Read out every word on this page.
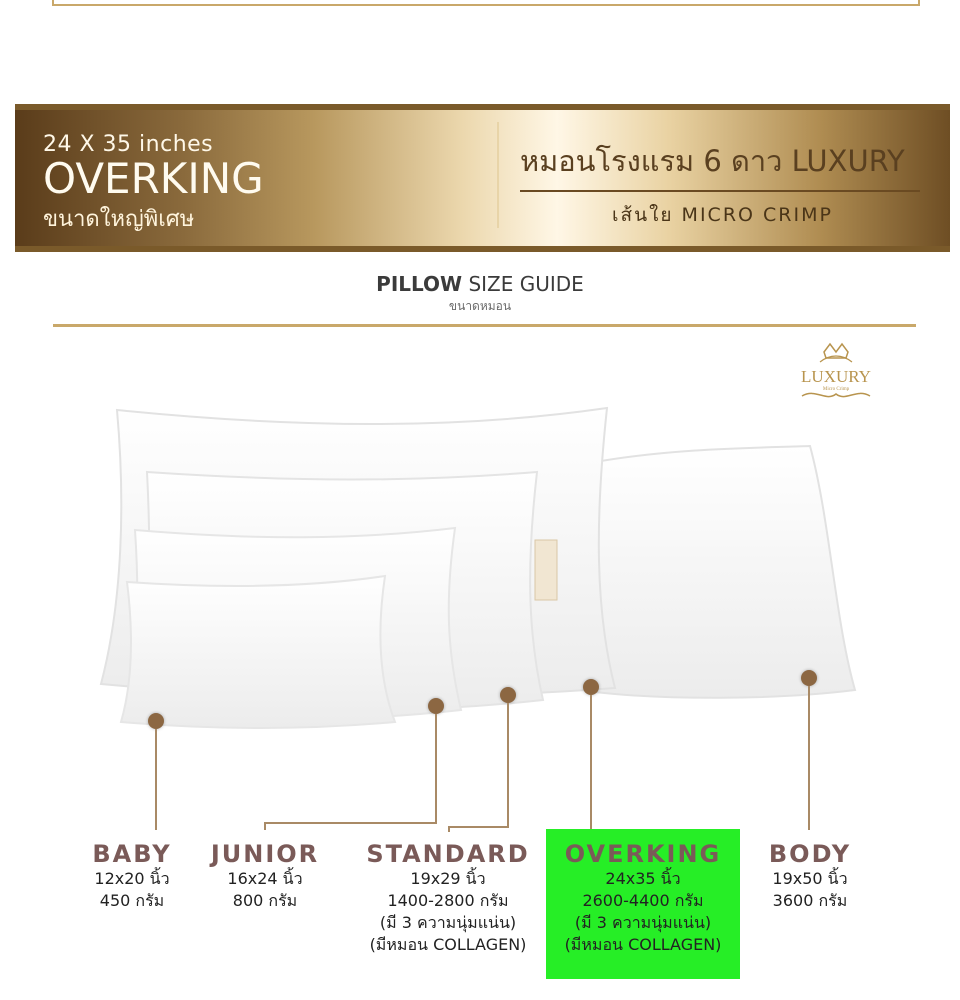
24 X 35 inches
OVERKING
ขนาดใหญ่พิเศษ
หมอนโรงแรม 6 ดาว LUXURY
เส้นใย MICRO CRIMP
PILLOW SIZE GUIDE
ขนาดหมอน
LUXURY
Micro Crimp
BABY
12x20 นิ้ว
450 กรัม
JUNIOR
16x24 นิ้ว
800 กรัม
STANDARD
19x29 นิ้ว
1400-2800 กรัม
(มี 3 ความนุ่มแน่น)
(มีหมอน COLLAGEN)
OVERKING
24x35 นิ้ว
2600-4400 กรัม
(มี 3 ความนุ่มแน่น)
(มีหมอน COLLAGEN)
BODY
19x50 นิ้ว
3600 กรัม
